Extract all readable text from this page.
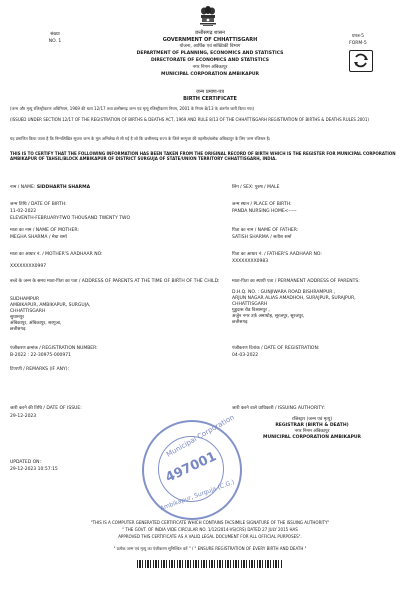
संख्या
NO. 1
प्रपत्र-5
FORM-5
छत्तीसगढ़ शासन
GOVERNMENT OF CHHATTISGARH
योजना, आर्थिक एवं सांख्यिकी विभाग
DEPARTMENT OF PLANNING, ECONOMICS AND STATISTICS
DIRECTORATE OF ECONOMICS AND STATISTICS
नगर निगम अंबिकापुर
MUNICIPAL CORPORATION AMBIKAPUR
जन्म प्रमाण-पत्र
BIRTH CERTIFICATE
(जन्म और मृत्यु रजिस्ट्रीकरण अधिनियम, 1969 की धारा 12/17 तथा छत्तीसगढ़ जन्म एवं मृत्यु रजिस्ट्रीकरण नियम, 2001 के नियम 8/13 के अंतर्गत जारी किया गया)
(ISSUED UNDER SECTION 12/17 OF THE REGISTRATION OF BIRTHS & DEATHS ACT, 1969 AND RULE 8/13 OF THE CHHATTISGARH REGISTRATION OF BIRTHS & DEATHS RULES 2001)
यह प्रमाणित किया जाता है कि निम्नलिखित सूचना जन्म के मूल अभिलेख से ली गई है जो कि छत्तीसगढ़ राज्य के जिले सरगुजा की तहसील/ब्लॉक अंबिकापुर के लिए जन्म रजिस्टर है।
THIS IS TO CERTIFY THAT THE FOLLOWING INFORMATION HAS BEEN TAKEN FROM THE ORIGINAL RECORD OF BIRTH WHICH IS THE REGISTER FOR MUNICIPAL CORPORATION AMBIKAPUR OF TAHSIL/BLOCK AMBIKAPUR OF DISTRICT SURGUJA OF STATE/UNION TERRITORY CHHATTISGARH, INDIA.
नाम / NAME: SIDDHARTH SHARMA	लिंग / SEX: पुरुष / MALE
जन्म तिथि / DATE OF BIRTH:
11-02-2022
ELEVENTH-FEBRUARY-TWO THOUSAND TWENTY TWO
जन्म स्थान / PLACE OF BIRTH:
PANDA NURSING HOME<-----
माता का नाम / NAME OF MOTHER:
MEGHA SHARMA / मेघा शर्मा
पिता का नाम / NAME OF FATHER:
SATISH SHARMA / सतीश शर्मा
माता का आधार नं. / MOTHER'S AADHAAR NO:
XXXXXXXX0997
पिता का आधार नं. / FATHER'S AADHAAR NO:
XXXXXXXX0983
बच्चे के जन्म के समय माता-पिता का पता / ADDRESS OF PARENTS AT THE TIME OF BIRTH OF THE CHILD:
SUDHAMPUR
AMBIKAPUR, AMBIKAPUR, SURGUJA,
CHHATTISGARH
सुधामपुर
अंबिकापुर, अंबिकापुर, सरगुजा,
छत्तीसगढ़
माता-पिता का स्थायी पता / PERMANENT ADDRESS OF PARENTS:
D.H.Q. NO. : GUNJIWARA ROAD BISHRAMPUR ,
ARJUN NAGAR ALIAS AMADHOH, SURAJPUR, SURAJPUR,
CHHATTISGARH
गुडुदास रोड विश्रामपुर ,
अर्जुन नगर उर्फ़ अमाधोह, सूरजपुर, सूरजपुर,
छत्तीसगढ़
पंजीकरण क्रमांक / REGISTRATION NUMBER:
B-2022 : 22-30975-000971
पंजीकरण दिनांक / DATE OF REGISTRATION:
04-03-2022
टिप्पणी / REMARKS (IF ANY):
जारी करने की तिथि / DATE OF ISSUE:
29-12-2023
जारी करने वाले प्राधिकारी / ISSUING AUTHORITY:
रजिस्ट्रार (जन्म एवं मृत्यु)
REGISTRAR (BIRTH & DEATH)
नगर निगम अंबिकापुर
MUNICIPAL CORPORATION AMBIKAPUR
UPDATED ON:
29-12-2023 10:57:15
Municipal Corporation
497001
Ambikapur, Surguja (C.G.)
"THIS IS A COMPUTER GENERATED CERTIFICATE WHICH CONTAINS FACSIMILE SIGNATURE OF THE ISSUING AUTHORITY"
" THE GOVT. OF INDIA VIDE CIRCULAR NO. 1/12/2014-VS(CRS) DATED 27 JULY 2015 HAS
APPROVED THIS CERTIFICATE AS A VALID LEGAL DOCUMENT FOR ALL OFFICIAL PURPOSES".
" प्रत्येक जन्म एवं मृत्यु का पंजीकरण सुनिश्चित करें " / " ENSURE REGISTRATION OF EVERY BIRTH AND DEATH "
